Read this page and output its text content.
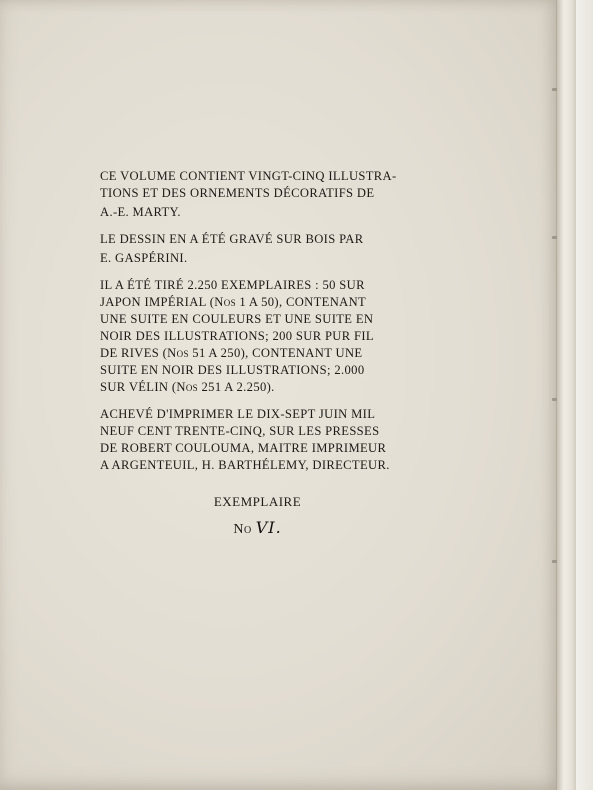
CE VOLUME CONTIENT VINGT-CINQ ILLUSTRA-
TIONS ET DES ORNEMENTS DÉCORATIFS DE
A.-E. MARTY.

LE DESSIN EN A ÉTÉ GRAVÉ SUR BOIS PAR
E. GASPÉRINI.

IL A ÉTÉ TIRÉ 2.250 EXEMPLAIRES : 50 SUR
JAPON IMPÉRIAL (Nos 1 A 50), CONTENANT
UNE SUITE EN COULEURS ET UNE SUITE EN
NOIR DES ILLUSTRATIONS; 200 SUR PUR FIL
DE RIVES (Nos 51 A 250), CONTENANT UNE
SUITE EN NOIR DES ILLUSTRATIONS; 2.000
SUR VÉLIN (Nos 251 A 2.250).

ACHEVÉ D'IMPRIMER LE DIX-SEPT JUIN MIL
NEUF CENT TRENTE-CINQ, SUR LES PRESSES
DE ROBERT COULOUMA, MAITRE IMPRIMEUR
A ARGENTEUIL, H. BARTHÉLEMY, DIRECTEUR.

EXEMPLAIRE
No VI.
